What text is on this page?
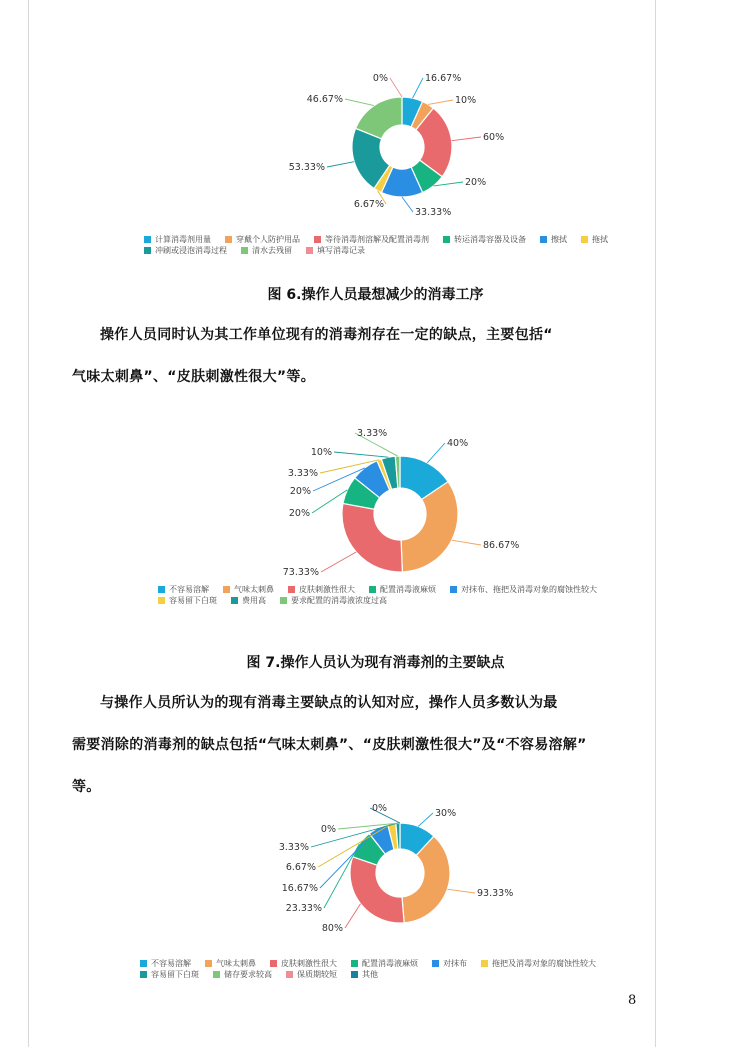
16.67%
10%
60%
20%
33.33%
6.67%
53.33%
46.67%
0%
计算消毒剂用量	穿戴个人防护用品	等待消毒剂溶解及配置消毒剂	转运消毒容器及设备	擦拭	拖拭
冲刷或浸泡消毒过程	清水去残留	填写消毒记录
图 6.操作人员最想减少的消毒工序
操作人员同时认为其工作单位现有的消毒剂存在一定的缺点，主要包括“
气味太刺鼻”、“皮肤刺激性很大”等。
40%
86.67%
73.33%
20%
20%
3.33%
10%
3.33%
不容易溶解	气味太刺鼻	皮肤刺激性很大	配置消毒液麻烦	对抹布、拖把及消毒对象的腐蚀性较大
容易留下白斑	费用高	要求配置的消毒液浓度过高
图 7.操作人员认为现有消毒剂的主要缺点
与操作人员所认为的现有消毒主要缺点的认知对应，操作人员多数认为最
需要消除的消毒剂的缺点包括“气味太刺鼻”、“皮肤刺激性很大”及“不容易溶解”
等。
30%
93.33%
80%
23.33%
16.67%
6.67%
3.33%
0%
0%
不容易溶解	气味太刺鼻	皮肤刺激性很大	配置消毒液麻烦	对抹布	拖把及消毒对象的腐蚀性较大
容易留下白斑	储存要求较高	保质期较短	其他
8
